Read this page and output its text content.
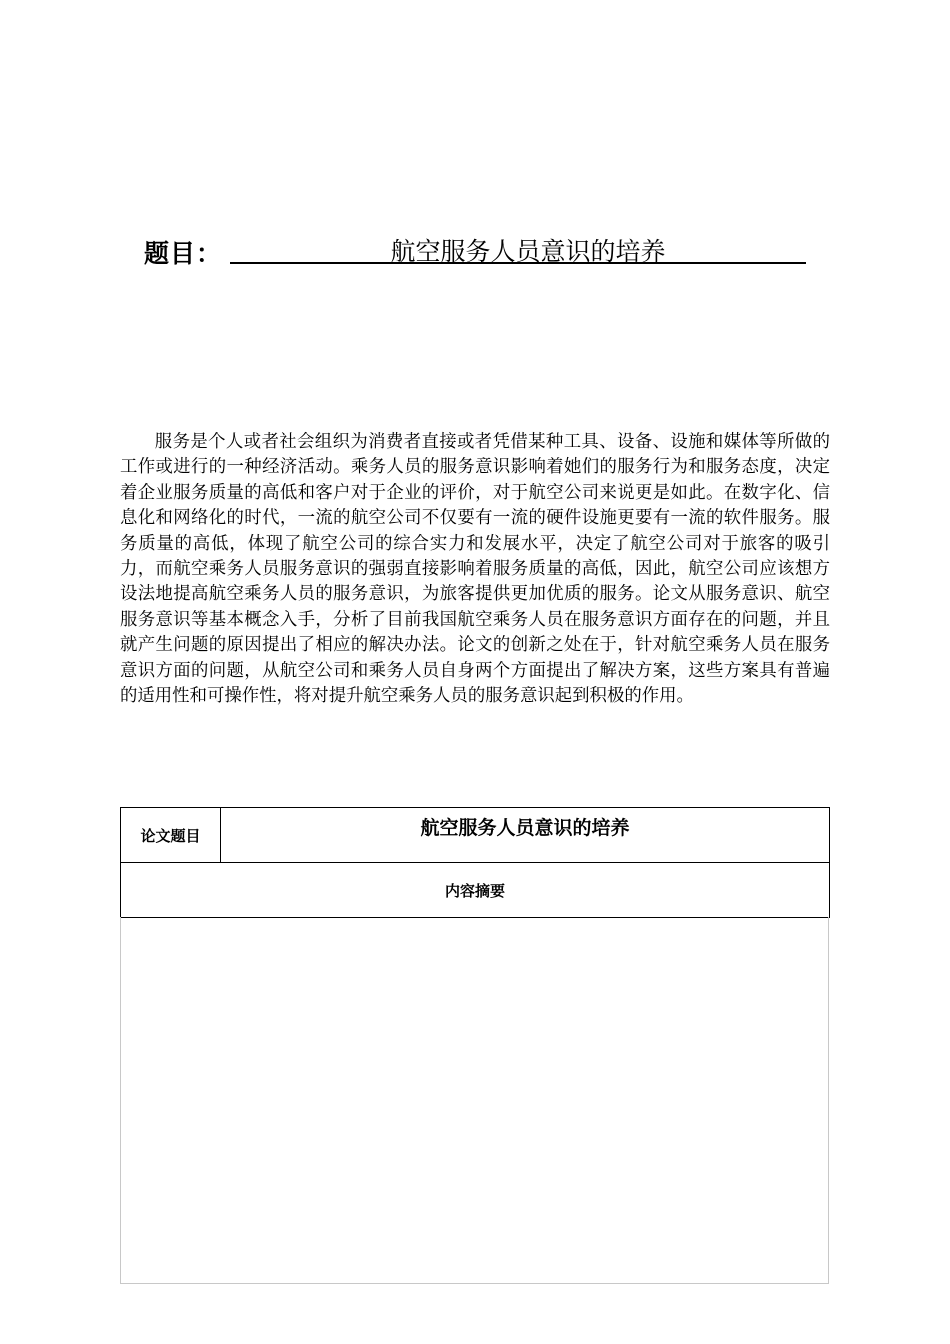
题目：	航空服务人员意识的培养

服务是个人或者社会组织为消费者直接或者凭借某种工具、设备、设施和媒体等所做的工作或进行的一种经济活动。乘务人员的服务意识影响着她们的服务行为和服务态度，决定着企业服务质量的高低和客户对于企业的评价，对于航空公司来说更是如此。在数字化、信息化和网络化的时代，一流的航空公司不仅要有一流的硬件设施更要有一流的软件服务。服务质量的高低，体现了航空公司的综合实力和发展水平，决定了航空公司对于旅客的吸引力，而航空乘务人员服务意识的强弱直接影响着服务质量的高低，因此，航空公司应该想方设法地提高航空乘务人员的服务意识，为旅客提供更加优质的服务。论文从服务意识、航空服务意识等基本概念入手，分析了目前我国航空乘务人员在服务意识方面存在的问题，并且就产生问题的原因提出了相应的解决办法。论文的创新之处在于，针对航空乘务人员在服务意识方面的问题，从航空公司和乘务人员自身两个方面提出了解决方案，这些方案具有普遍的适用性和可操作性，将对提升航空乘务人员的服务意识起到积极的作用。

论文题目	航空服务人员意识的培养
内容摘要
